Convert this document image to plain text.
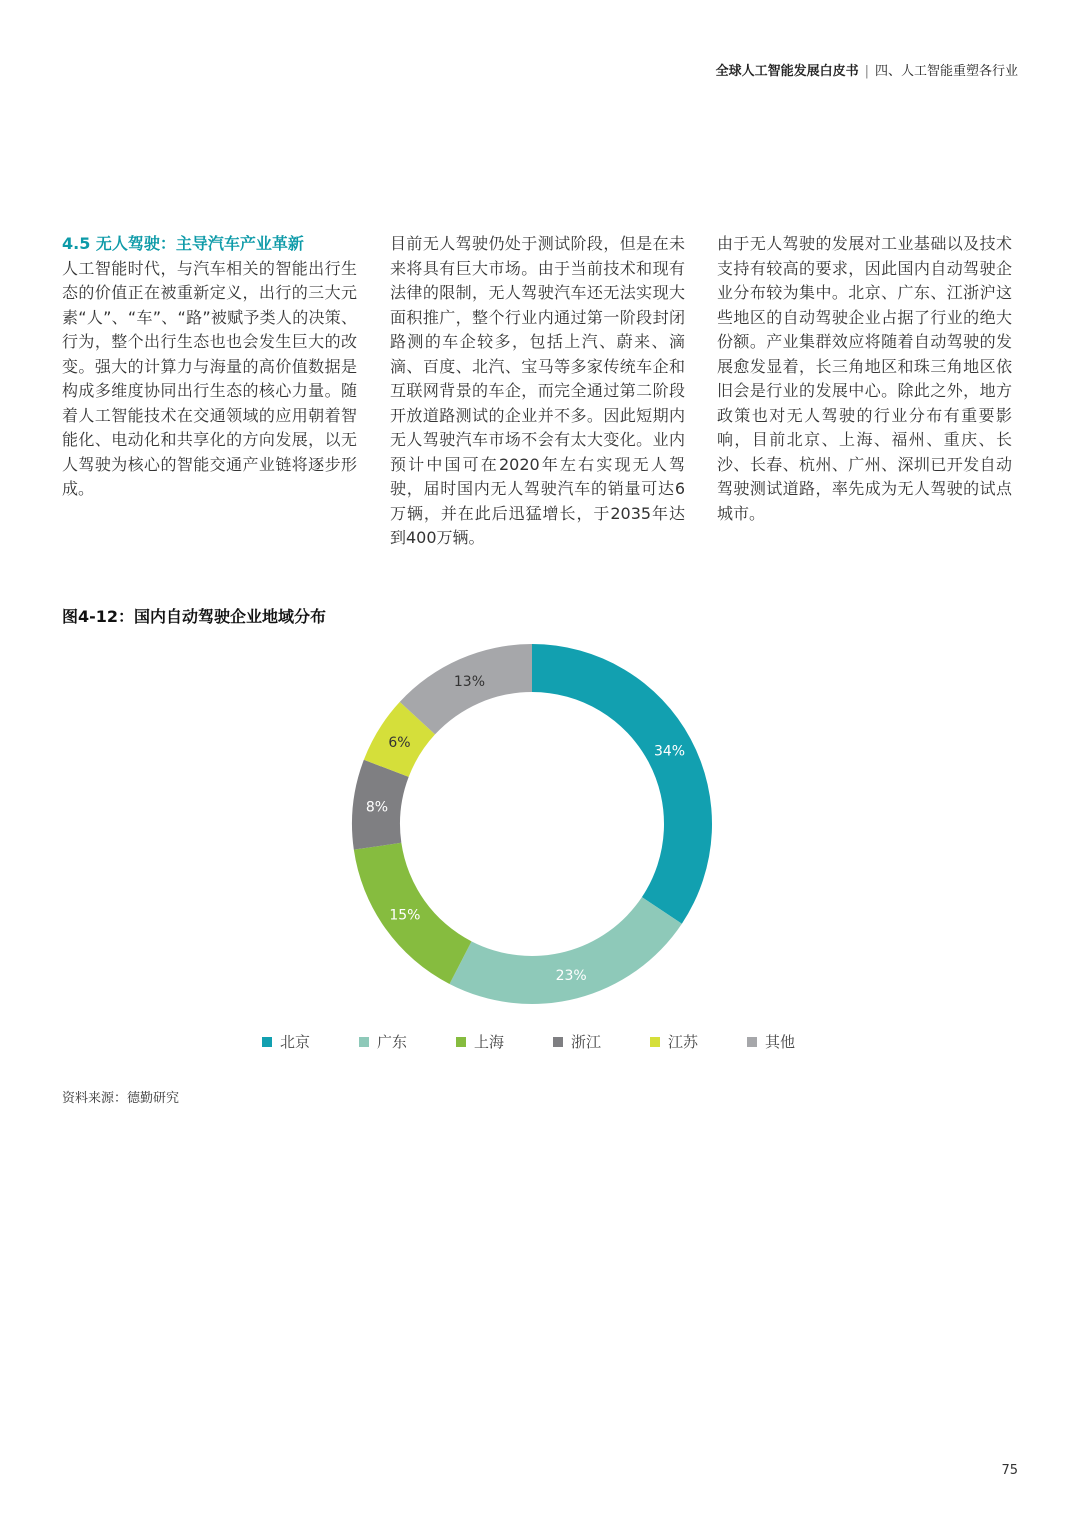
全球人工智能发展白皮书 | 四、人工智能重塑各行业
4.5 无人驾驶：主导汽车产业革新
人工智能时代，与汽车相关的智能出行生态的价值正在被重新定义，出行的三大元素“人”、“车”、“路”被赋予类人的决策、行为，整个出行生态也也会发生巨大的改变。强大的计算力与海量的高价值数据是构成多维度协同出行生态的核心力量。随着人工智能技术在交通领域的应用朝着智能化、电动化和共享化的方向发展，以无人驾驶为核心的智能交通产业链将逐步形成。
目前无人驾驶仍处于测试阶段，但是在未来将具有巨大市场。由于当前技术和现有法律的限制，无人驾驶汽车还无法实现大面积推广，整个行业内通过第一阶段封闭路测的车企较多，包括上汽、蔚来、滴滴、百度、北汽、宝马等多家传统车企和互联网背景的车企，而完全通过第二阶段开放道路测试的企业并不多。因此短期内无人驾驶汽车市场不会有太大变化。业内预计中国可在2020年左右实现无人驾驶，届时国内无人驾驶汽车的销量可达6万辆，并在此后迅猛增长，于2035年达到400万辆。
由于无人驾驶的发展对工业基础以及技术支持有较高的要求，因此国内自动驾驶企业分布较为集中。北京、广东、江浙沪这些地区的自动驾驶企业占据了行业的绝大份额。产业集群效应将随着自动驾驶的发展愈发显着，长三角地区和珠三角地区依旧会是行业的发展中心。除此之外，地方政策也对无人驾驶的行业分布有重要影响，目前北京、上海、福州、重庆、长沙、长春、杭州、广州、深圳已开发自动驾驶测试道路，率先成为无人驾驶的试点城市。
图4-12：国内自动驾驶企业地域分布
34%
23%
15%
8%
6%
13%
北京	广东	上海	浙江	江苏	其他
资料来源：德勤研究
75
